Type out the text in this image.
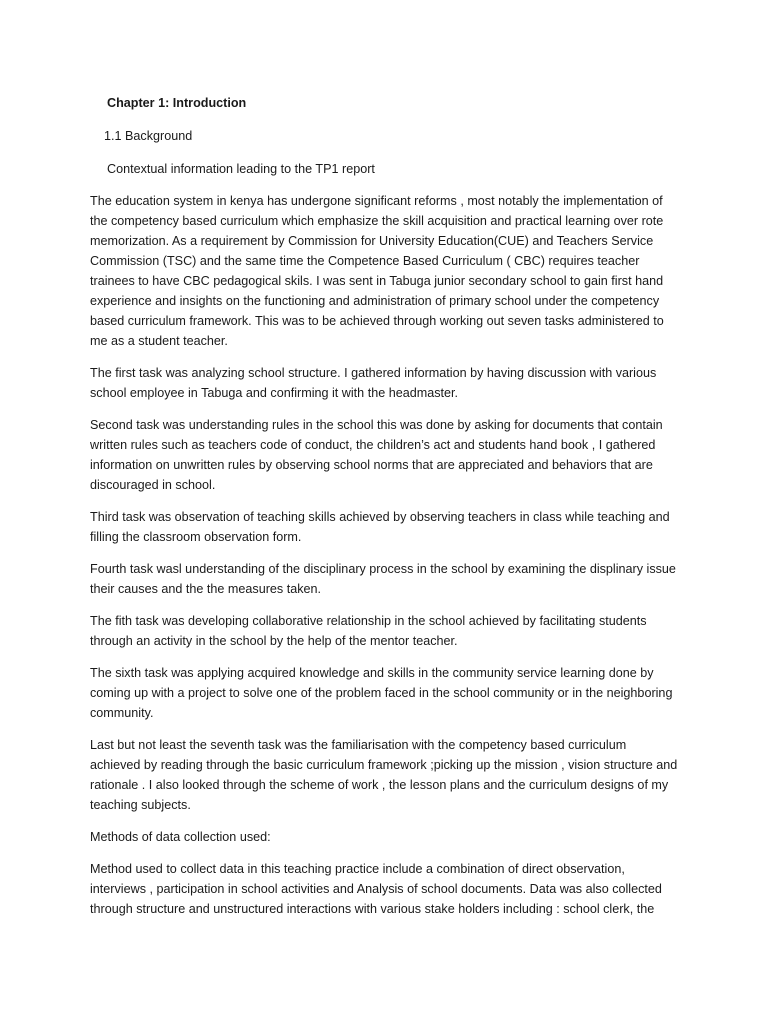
Chapter 1: Introduction

1.1 Background

Contextual information leading to the TP1 report

The education system in kenya has undergone significant reforms , most notably the implementation of the competency based curriculum which emphasize the skill acquisition and practical learning over rote memorization. As a requirement by Commission for University Education(CUE) and Teachers Service Commission (TSC) and the same time the Competence Based Curriculum ( CBC) requires teacher trainees to have CBC pedagogical skils. I was sent in Tabuga junior secondary school to gain first hand experience and insights on the functioning and administration of primary school under the competency based curriculum framework. This was to be achieved through working out seven tasks administered to me as a student teacher.

The first task was analyzing school structure. I gathered information by having discussion with various school employee in Tabuga and confirming it with the headmaster.

Second task was understanding rules in the school this was done by asking for documents that contain written rules such as teachers code of conduct, the children’s act and students hand book , I gathered information on unwritten rules by observing school norms that are appreciated and behaviors that are discouraged in school.

Third task was observation of teaching skills achieved by observing teachers in class while teaching and filling the classroom observation form.

Fourth task wasl understanding of the disciplinary process in the school by examining the displinary issue their causes and the the measures taken.

The fith task was developing collaborative relationship in the school achieved by facilitating students through an activity in the school by the help of the mentor teacher.

The sixth task was applying acquired knowledge and skills in the community service learning done by coming up with a project to solve one of the problem faced in the school community or in the neighboring community.

Last but not least the seventh task was the familiarisation with the competency based curriculum achieved by reading through the basic curriculum framework ;picking up the mission , vision structure and rationale . I also looked through the scheme of work , the lesson plans and the curriculum designs of my teaching subjects.

Methods of data collection used:

Method used to collect data in this teaching practice include a combination of direct observation, interviews , participation in school activities and Analysis of school documents. Data was also collected through structure and unstructured interactions with various stake holders including : school clerk, the
